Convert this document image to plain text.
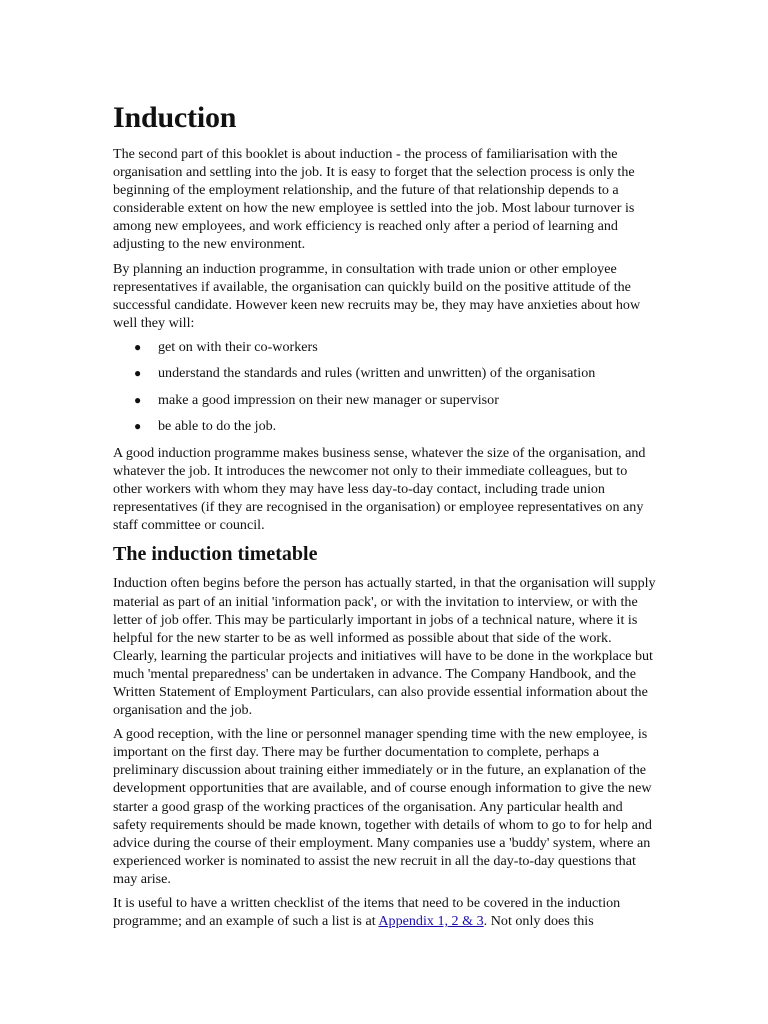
Induction

The second part of this booklet is about induction - the process of familiarisation with the organisation and settling into the job. It is easy to forget that the selection process is only the beginning of the employment relationship, and the future of that relationship depends to a considerable extent on how the new employee is settled into the job. Most labour turnover is among new employees, and work efficiency is reached only after a period of learning and adjusting to the new environment.

By planning an induction programme, in consultation with trade union or other employee representatives if available, the organisation can quickly build on the positive attitude of the successful candidate. However keen new recruits may be, they may have anxieties about how well they will:

● get on with their co-workers
● understand the standards and rules (written and unwritten) of the organisation
● make a good impression on their new manager or supervisor
● be able to do the job.

A good induction programme makes business sense, whatever the size of the organisation, and whatever the job. It introduces the newcomer not only to their immediate colleagues, but to other workers with whom they may have less day-to-day contact, including trade union representatives (if they are recognised in the organisation) or employee representatives on any staff committee or council.

The induction timetable

Induction often begins before the person has actually started, in that the organisation will supply material as part of an initial 'information pack', or with the invitation to interview, or with the letter of job offer. This may be particularly important in jobs of a technical nature, where it is helpful for the new starter to be as well informed as possible about that side of the work. Clearly, learning the particular projects and initiatives will have to be done in the workplace but much 'mental preparedness' can be undertaken in advance. The Company Handbook, and the Written Statement of Employment Particulars, can also provide essential information about the organisation and the job.

A good reception, with the line or personnel manager spending time with the new employee, is important on the first day. There may be further documentation to complete, perhaps a preliminary discussion about training either immediately or in the future, an explanation of the development opportunities that are available, and of course enough information to give the new starter a good grasp of the working practices of the organisation. Any particular health and safety requirements should be made known, together with details of whom to go to for help and advice during the course of their employment. Many companies use a 'buddy' system, where an experienced worker is nominated to assist the new recruit in all the day-to-day questions that may arise.

It is useful to have a written checklist of the items that need to be covered in the induction programme; and an example of such a list is at Appendix 1, 2 & 3. Not only does this
